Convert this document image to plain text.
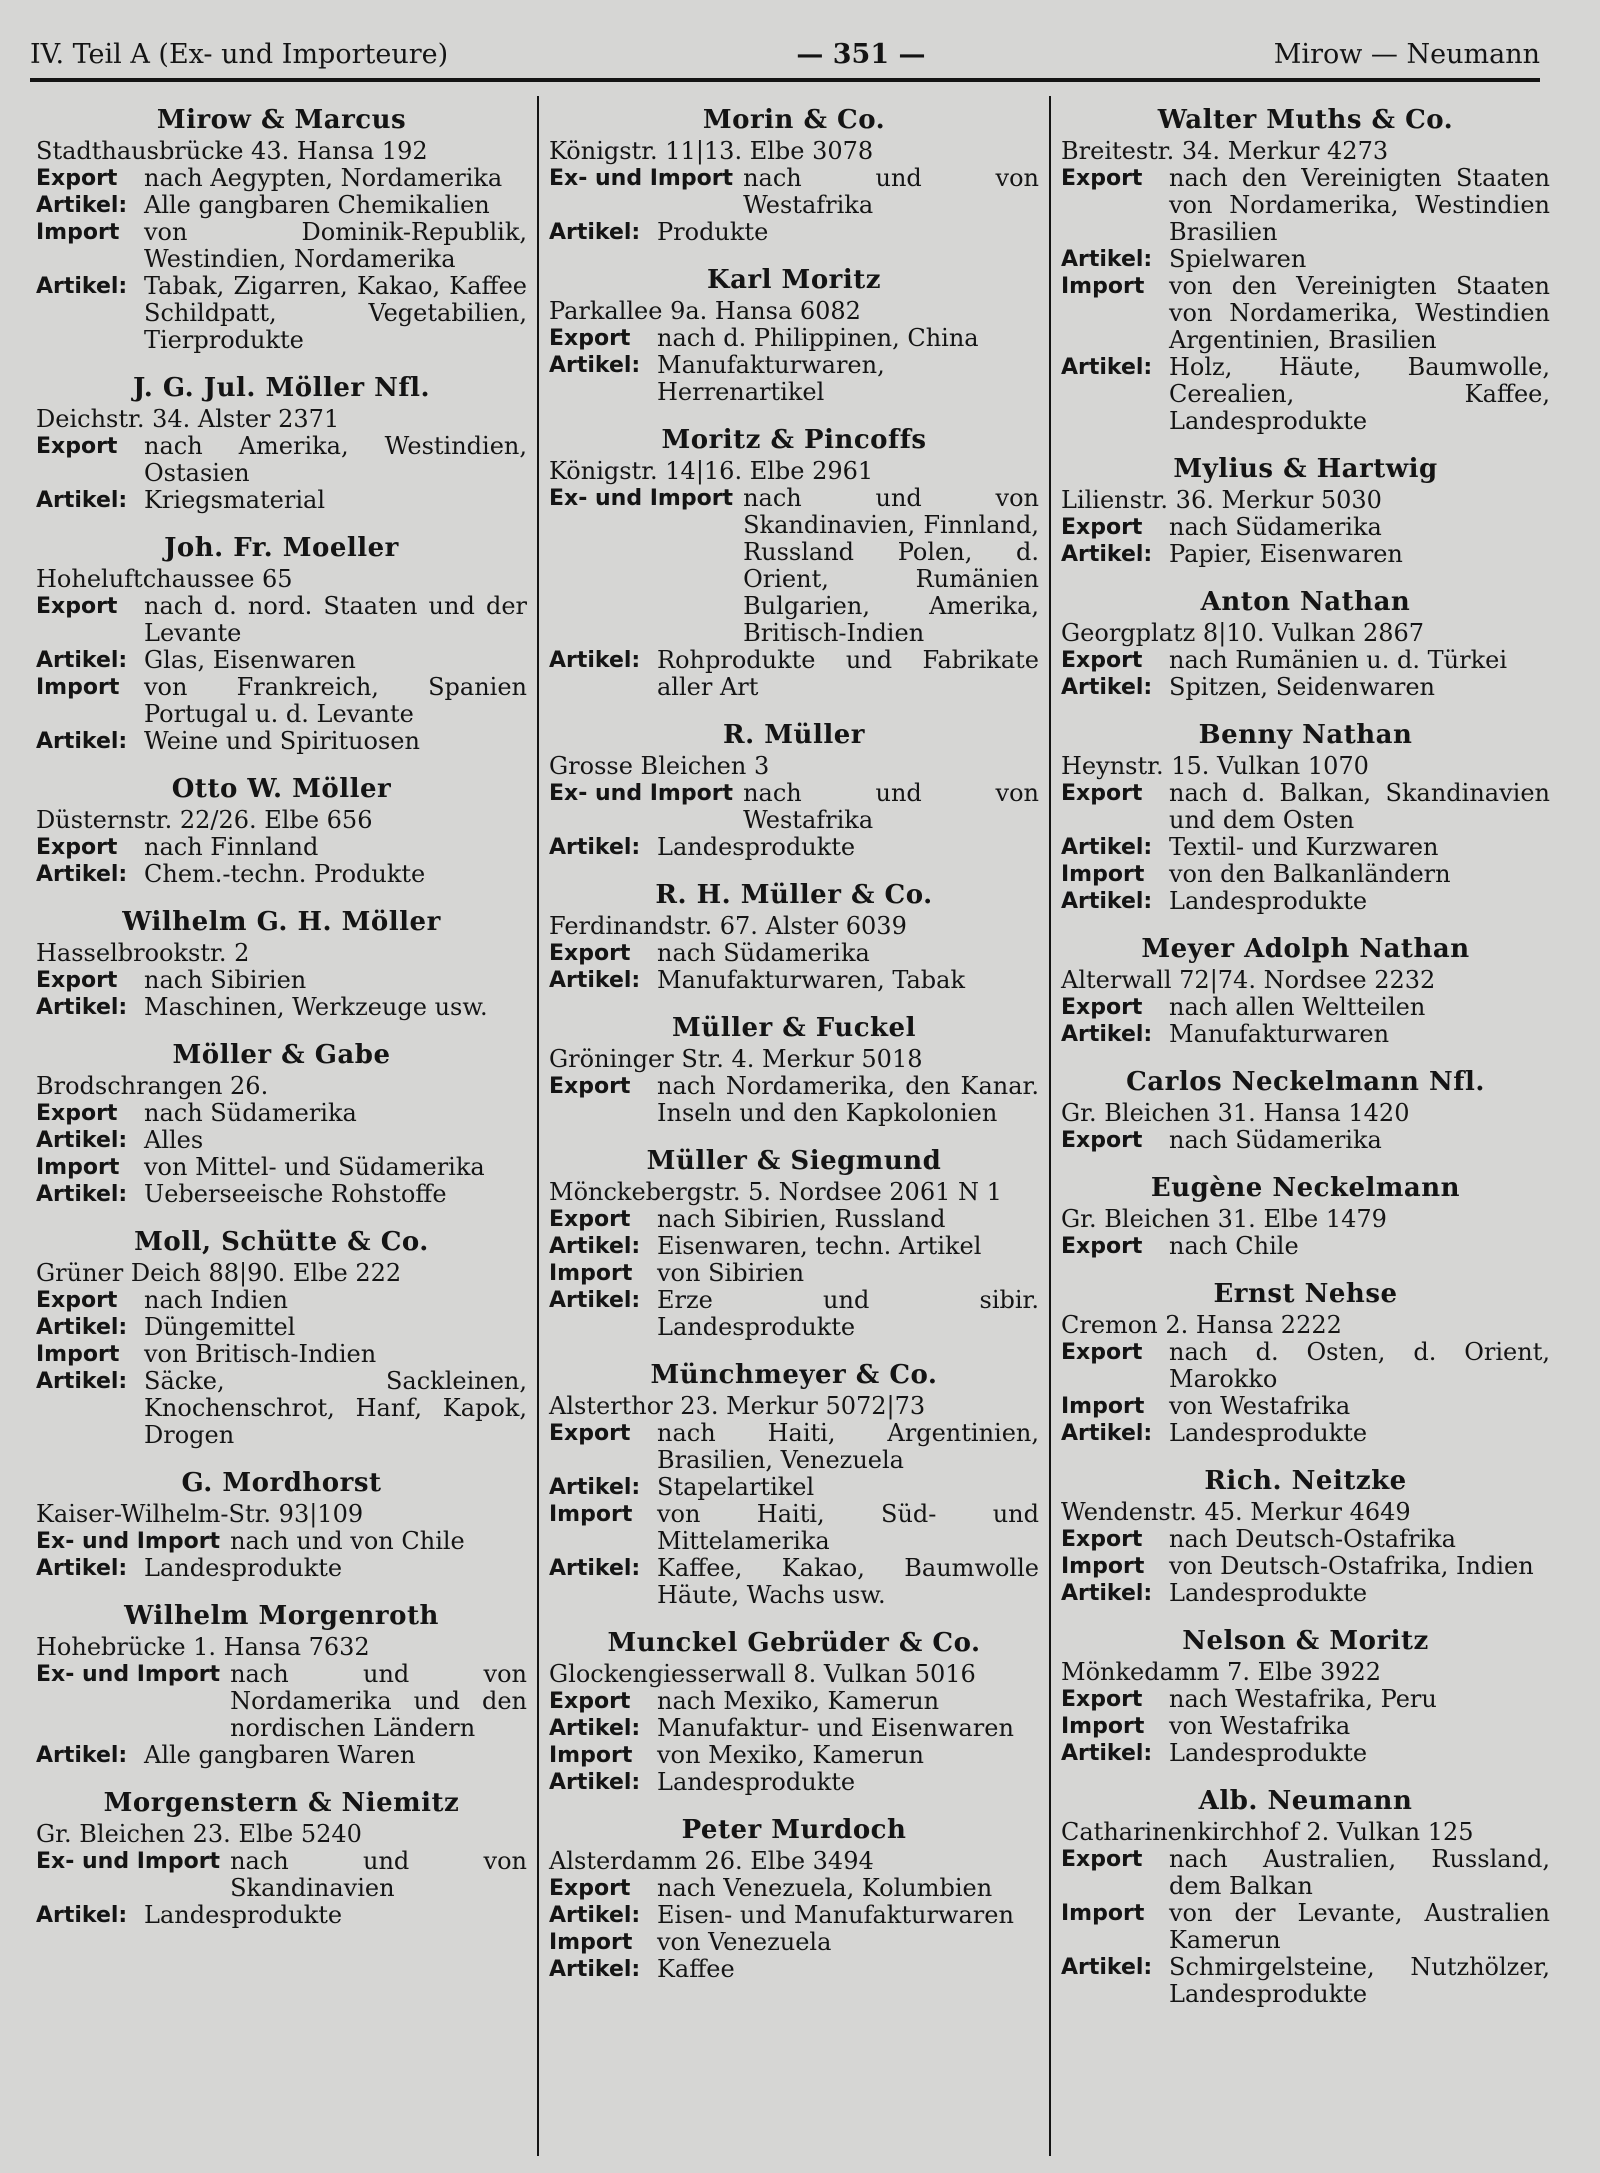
IV. Teil A (Ex- und Importeure)	— 351 —	Mirow — Neumann
Mirow & Marcus
Stadthausbrücke 43. Hansa 192
Export	nach Aegypten, Nordamerika
Artikel: Alle gangbaren Chemikalien
Import	von Dominik-Republik, Westindien, Nordamerika
Artikel: Tabak, Zigarren, Kakao, Kaffee Schildpatt, Vegetabilien, Tierprodukte
J. G. Jul. Möller Nfl.
Deichstr. 34. Alster 2371
Export	nach Amerika, Westindien, Ostasien
Artikel: Kriegsmaterial
Joh. Fr. Moeller
Hoheluftchaussee 65
Export	nach d. nord. Staaten und der Levante
Artikel: Glas, Eisenwaren
Import	von Frankreich, Spanien Portugal u. d. Levante
Artikel: Weine und Spirituosen
Otto W. Möller
Düsternstr. 22/26. Elbe 656
Export	nach Finnland
Artikel: Chem.-techn. Produkte
Wilhelm G. H. Möller
Hasselbrookstr. 2
Export	nach Sibirien
Artikel: Maschinen, Werkzeuge usw.
Möller & Gabe
Brodschrangen 26.
Export	nach Südamerika
Artikel: Alles
Import	von Mittel- und Südamerika
Artikel: Ueberseeische Rohstoffe
Moll, Schütte & Co.
Grüner Deich 88|90. Elbe 222
Export	nach Indien
Artikel: Düngemittel
Import	von Britisch-Indien
Artikel: Säcke, Sackleinen, Knochenschrot, Hanf, Kapok, Drogen
G. Mordhorst
Kaiser-Wilhelm-Str. 93|109
Ex- und Import nach und von Chile
Artikel: Landesprodukte
Wilhelm Morgenroth
Hohebrücke 1. Hansa 7632
Ex- und Import nach und von Nordamerika und den nordischen Ländern
Artikel: Alle gangbaren Waren
Morgenstern & Niemitz
Gr. Bleichen 23. Elbe 5240
Ex- und Import nach und von Skandinavien
Artikel: Landesprodukte
Morin & Co.
Königstr. 11|13. Elbe 3078
Ex- und Import nach und von Westafrika
Artikel: Produkte
Karl Moritz
Parkallee 9a. Hansa 6082
Export	nach d. Philippinen, China
Artikel: Manufakturwaren, Herrenartikel
Moritz & Pincoffs
Königstr. 14|16. Elbe 2961
Ex- und Import nach und von Skandinavien, Finnland, Russland Polen, d. Orient, Rumänien Bulgarien, Amerika, Britisch-Indien
Artikel: Rohprodukte und Fabrikate aller Art
R. Müller
Grosse Bleichen 3
Ex- und Import nach und von Westafrika
Artikel: Landesprodukte
R. H. Müller & Co.
Ferdinandstr. 67. Alster 6039
Export	nach Südamerika
Artikel: Manufakturwaren, Tabak
Müller & Fuckel
Gröninger Str. 4. Merkur 5018
Export	nach Nordamerika, den Kanar. Inseln und den Kapkolonien
Müller & Siegmund
Mönckebergstr. 5. Nordsee 2061 N 1
Export	nach Sibirien, Russland
Artikel: Eisenwaren, techn. Artikel
Import	von Sibirien
Artikel: Erze und sibir. Landesprodukte
Münchmeyer & Co.
Alsterthor 23. Merkur 5072|73
Export	nach Haiti, Argentinien, Brasilien, Venezuela
Artikel: Stapelartikel
Import	von Haiti, Süd- und Mittelamerika
Artikel: Kaffee, Kakao, Baumwolle Häute, Wachs usw.
Munckel Gebrüder & Co.
Glockengiesserwall 8. Vulkan 5016
Export	nach Mexiko, Kamerun
Artikel: Manufaktur- und Eisenwaren
Import	von Mexiko, Kamerun
Artikel: Landesprodukte
Peter Murdoch
Alsterdamm 26. Elbe 3494
Export	nach Venezuela, Kolumbien
Artikel: Eisen- und Manufakturwaren
Import	von Venezuela
Artikel: Kaffee
Walter Muths & Co.
Breitestr. 34. Merkur 4273
Export	nach den Vereinigten Staaten von Nordamerika, Westindien Brasilien
Artikel: Spielwaren
Import	von den Vereinigten Staaten von Nordamerika, Westindien Argentinien, Brasilien
Artikel: Holz, Häute, Baumwolle, Cerealien, Kaffee, Landesprodukte
Mylius & Hartwig
Lilienstr. 36. Merkur 5030
Export	nach Südamerika
Artikel: Papier, Eisenwaren
Anton Nathan
Georgplatz 8|10. Vulkan 2867
Export	nach Rumänien u. d. Türkei
Artikel: Spitzen, Seidenwaren
Benny Nathan
Heynstr. 15. Vulkan 1070
Export	nach d. Balkan, Skandinavien und dem Osten
Artikel: Textil- und Kurzwaren
Import	von den Balkanländern
Artikel: Landesprodukte
Meyer Adolph Nathan
Alterwall 72|74. Nordsee 2232
Export	nach allen Weltteilen
Artikel: Manufakturwaren
Carlos Neckelmann Nfl.
Gr. Bleichen 31. Hansa 1420
Export	nach Südamerika
Eugène Neckelmann
Gr. Bleichen 31. Elbe 1479
Export	nach Chile
Ernst Nehse
Cremon 2. Hansa 2222
Export	nach d. Osten, d. Orient, Marokko
Import	von Westafrika
Artikel: Landesprodukte
Rich. Neitzke
Wendenstr. 45. Merkur 4649
Export	nach Deutsch-Ostafrika
Import	von Deutsch-Ostafrika, Indien
Artikel: Landesprodukte
Nelson & Moritz
Mönkedamm 7. Elbe 3922
Export	nach Westafrika, Peru
Import	von Westafrika
Artikel: Landesprodukte
Alb. Neumann
Catharinenkirchhof 2. Vulkan 125
Export	nach Australien, Russland, dem Balkan
Import	von der Levante, Australien Kamerun
Artikel: Schmirgelsteine, Nutzhölzer, Landesprodukte
